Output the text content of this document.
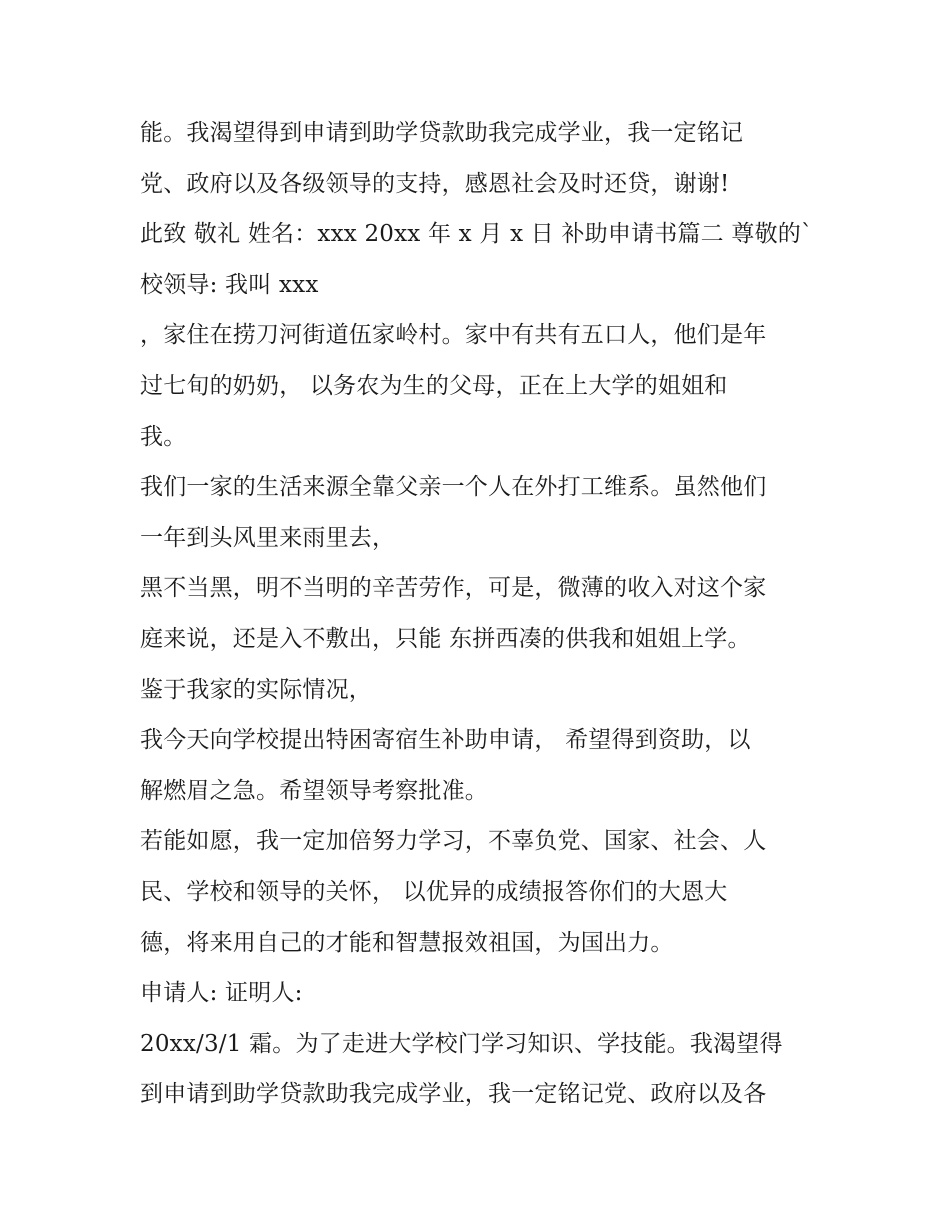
能。我渴望得到申请到助学贷款助我完成学业，我一定铭记
党、政府以及各级领导的支持，感恩社会及时还贷，谢谢!
此致 敬礼 姓名：xxx 20xx 年 x 月 x 日 补助申请书篇二 尊敬的`
校领导: 我叫 xxx
，家住在捞刀河街道伍家岭村。家中有共有五口人，他们是年
过七旬的奶奶， 以务农为生的父母，正在上大学的姐姐和
我。
我们一家的生活来源全靠父亲一个人在外打工维系。虽然他们
一年到头风里来雨里去，
黑不当黑，明不当明的辛苦劳作，可是，微薄的收入对这个家
庭来说，还是入不敷出，只能 东拼西凑的供我和姐姐上学。
鉴于我家的实际情况，
我今天向学校提出特困寄宿生补助申请， 希望得到资助，以
解燃眉之急。希望领导考察批准。
若能如愿，我一定加倍努力学习，不辜负党、国家、社会、人
民、学校和领导的关怀， 以优异的成绩报答你们的大恩大
德，将来用自己的才能和智慧报效祖国，为国出力。
申请人: 证明人:
20xx/3/1 霜。为了走进大学校门学习知识、学技能。我渴望得
到申请到助学贷款助我完成学业，我一定铭记党、政府以及各
